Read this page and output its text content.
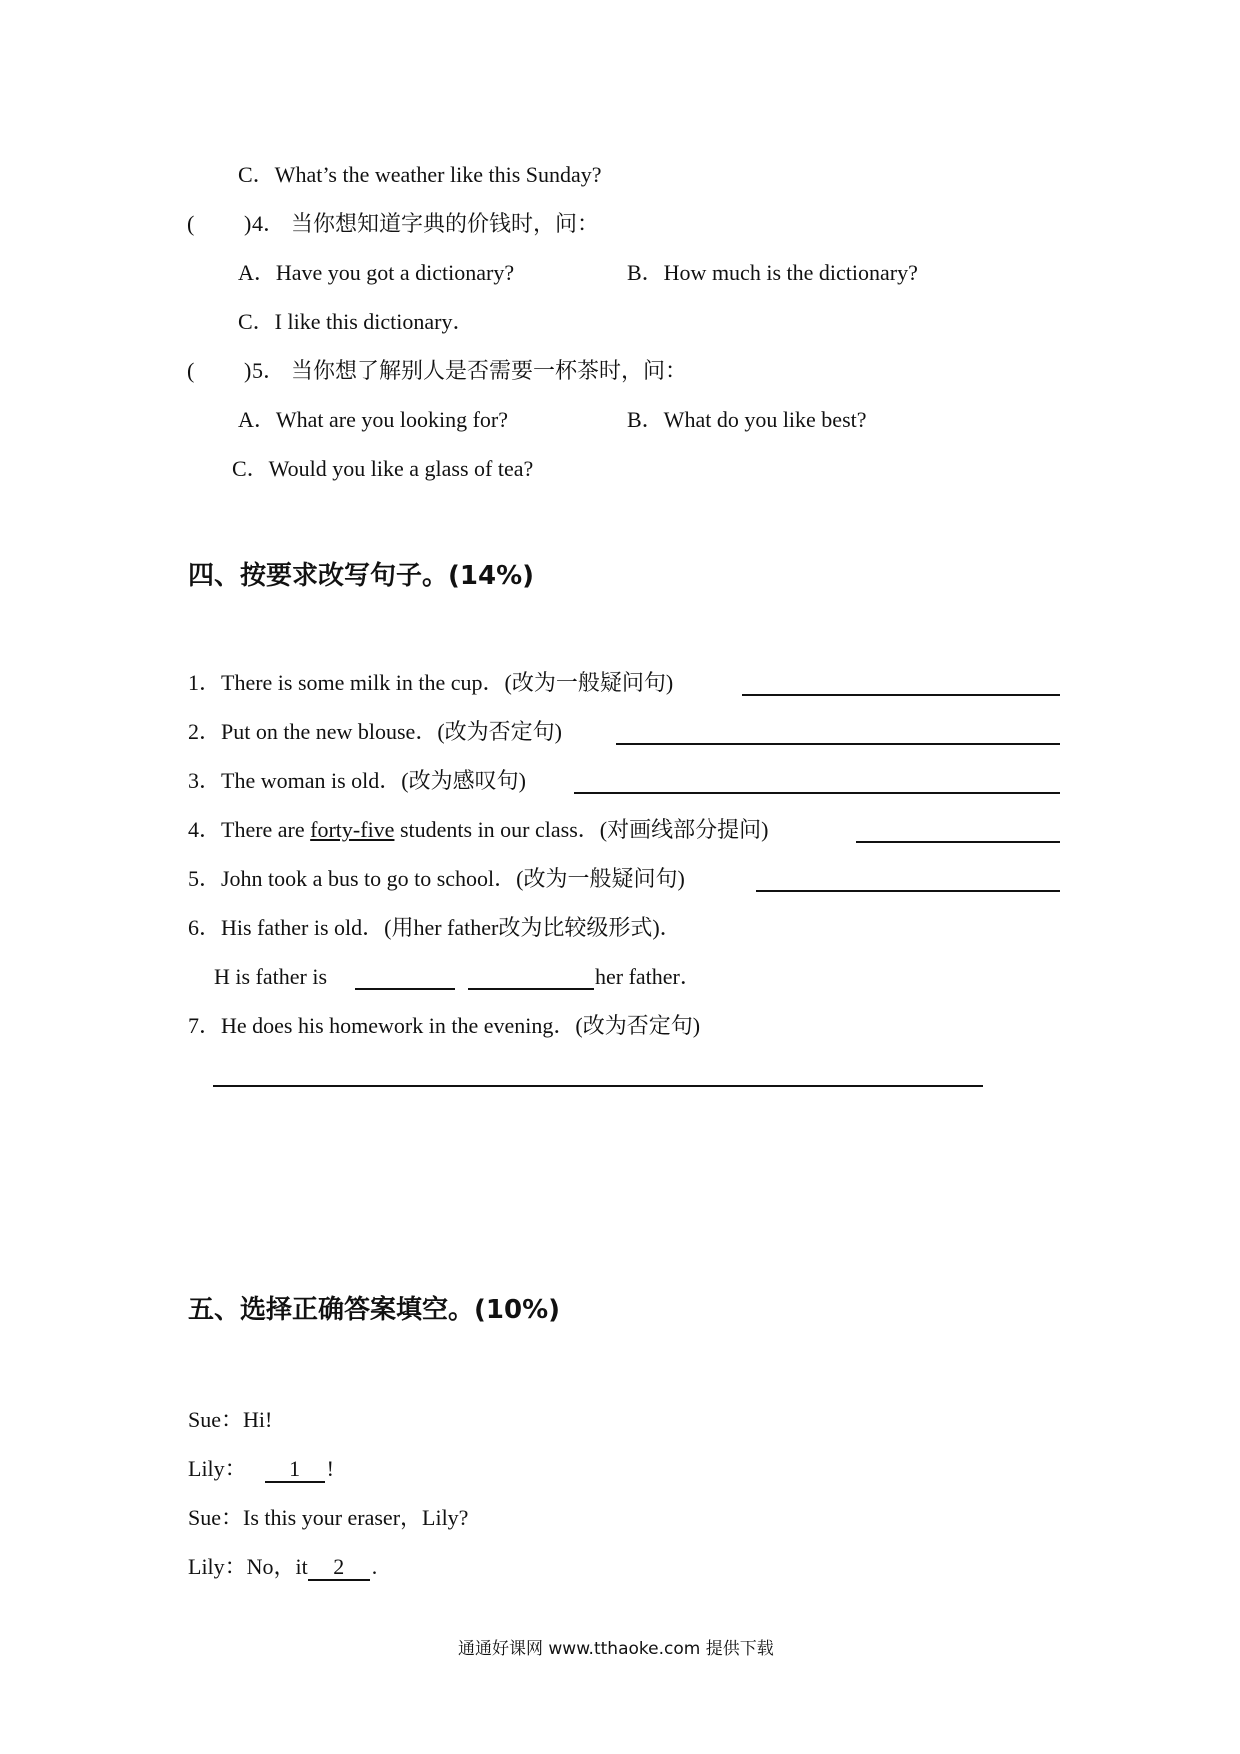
C．What’s the weather like this Sunday?
( ) 4． 当你想知道字典的价钱时，问：
A．Have you got a dictionary?	B．How much is the dictionary?
C．I like this dictionary．
( ) 5． 当你想了解别人是否需要一杯茶时，问：
A．What are you looking for?	B．What do you like best?
C．Would you like a glass of tea?
四、按要求改写句子。(14%)
1．There is some milk in the cup．(改为一般疑问句)
2．Put on the new blouse．(改为否定句)
3．The woman is old．(改为感叹句)
4．There are forty-five students in our class．(对画线部分提问)
5．John took a bus to go to school．(改为一般疑问句)
6．His father is old．(用her father改为比较级形式)．
H is father is	her father．
7．He does his homework in the evening．(改为否定句)
五、选择正确答案填空。(10%)
Sue：Hi!
Lily： 1 !
Sue：Is this your eraser，Lily?
Lily：No，it 2 .
通通好课网 www.tthaoke.com 提供下载
